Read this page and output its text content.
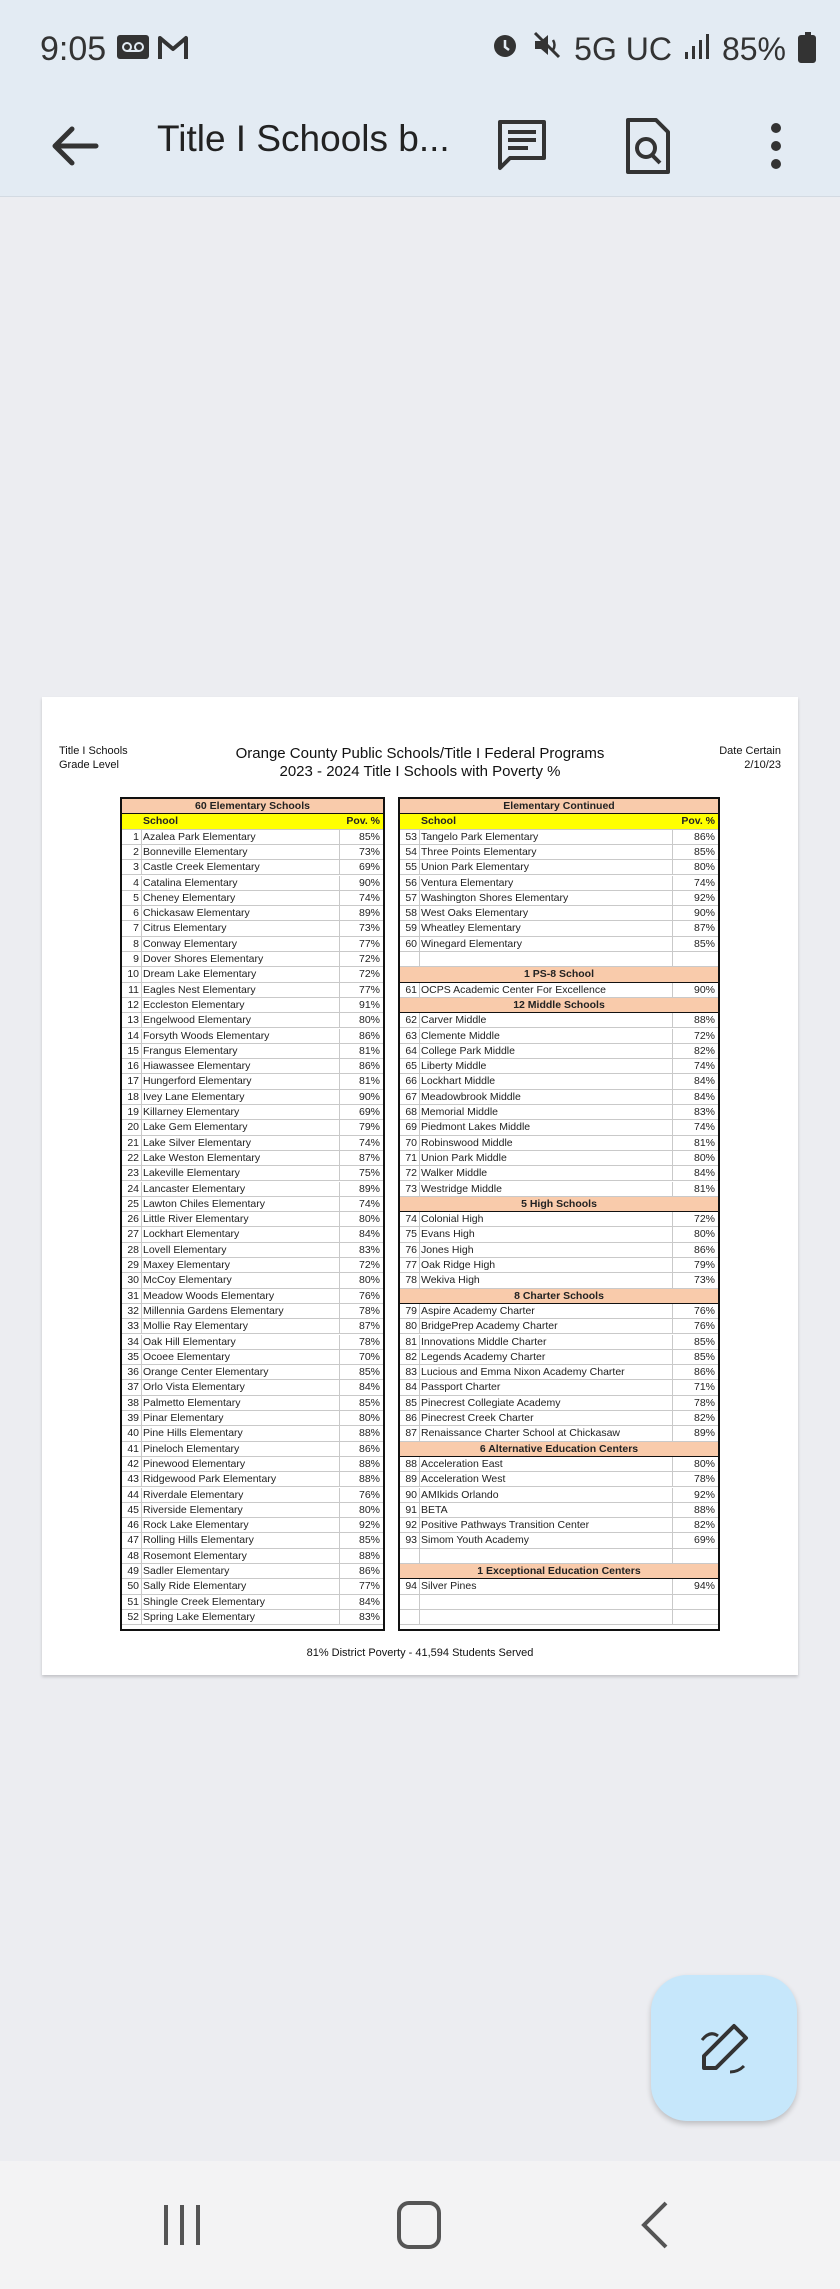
9:05	5G UC 85%
Title I Schools b...
Title I Schools
Grade Level
Date Certain
2/10/23
Orange County Public Schools/Title I Federal Programs
2023 - 2024 Title I Schools with Poverty %
60 Elementary Schools
School	Pov. %
1 Azalea Park Elementary	85%
2 Bonneville Elementary	73%
3 Castle Creek Elementary	69%
4 Catalina Elementary	90%
5 Cheney Elementary	74%
6 Chickasaw Elementary	89%
7 Citrus Elementary	73%
8 Conway Elementary	77%
9 Dover Shores Elementary	72%
10 Dream Lake Elementary	72%
11 Eagles Nest Elementary	77%
12 Eccleston Elementary	91%
13 Engelwood Elementary	80%
14 Forsyth Woods Elementary	86%
15 Frangus Elementary	81%
16 Hiawassee Elementary	86%
17 Hungerford Elementary	81%
18 Ivey Lane Elementary	90%
19 Killarney Elementary	69%
20 Lake Gem Elementary	79%
21 Lake Silver Elementary	74%
22 Lake Weston Elementary	87%
23 Lakeville Elementary	75%
24 Lancaster Elementary	89%
25 Lawton Chiles Elementary	74%
26 Little River Elementary	80%
27 Lockhart Elementary	84%
28 Lovell Elementary	83%
29 Maxey Elementary	72%
30 McCoy Elementary	80%
31 Meadow Woods Elementary	76%
32 Millennia Gardens Elementary	78%
33 Mollie Ray Elementary	87%
34 Oak Hill Elementary	78%
35 Ocoee Elementary	70%
36 Orange Center Elementary	85%
37 Orlo Vista Elementary	84%
38 Palmetto Elementary	85%
39 Pinar Elementary	80%
40 Pine Hills Elementary	88%
41 Pineloch Elementary	86%
42 Pinewood Elementary	88%
43 Ridgewood Park Elementary	88%
44 Riverdale Elementary	76%
45 Riverside Elementary	80%
46 Rock Lake Elementary	92%
47 Rolling Hills Elementary	85%
48 Rosemont Elementary	88%
49 Sadler Elementary	86%
50 Sally Ride Elementary	77%
51 Shingle Creek Elementary	84%
52 Spring Lake Elementary	83%
Elementary Continued
School	Pov. %
53 Tangelo Park Elementary	86%
54 Three Points Elementary	85%
55 Union Park Elementary	80%
56 Ventura Elementary	74%
57 Washington Shores Elementary	92%
58 West Oaks Elementary	90%
59 Wheatley Elementary	87%
60 Winegard Elementary	85%
1 PS-8 School
61 OCPS Academic Center For Excellence	90%
12 Middle Schools
62 Carver Middle	88%
63 Clemente Middle	72%
64 College Park Middle	82%
65 Liberty Middle	74%
66 Lockhart Middle	84%
67 Meadowbrook Middle	84%
68 Memorial Middle	83%
69 Piedmont Lakes Middle	74%
70 Robinswood Middle	81%
71 Union Park Middle	80%
72 Walker Middle	84%
73 Westridge Middle	81%
5 High Schools
74 Colonial High	72%
75 Evans High	80%
76 Jones High	86%
77 Oak Ridge High	79%
78 Wekiva High	73%
8 Charter Schools
79 Aspire Academy Charter	76%
80 BridgePrep Academy Charter	76%
81 Innovations Middle Charter	85%
82 Legends Academy Charter	85%
83 Lucious and Emma Nixon Academy Charter	86%
84 Passport Charter	71%
85 Pinecrest Collegiate Academy	78%
86 Pinecrest Creek Charter	82%
87 Renaissance Charter School at Chickasaw	89%
6 Alternative Education Centers
88 Acceleration East	80%
89 Acceleration West	78%
90 AMIkids Orlando	92%
91 BETA	88%
92 Positive Pathways Transition Center	82%
93 Simom Youth Academy	69%
1 Exceptional Education Centers
94 Silver Pines	94%
81% District Poverty - 41,594 Students Served
